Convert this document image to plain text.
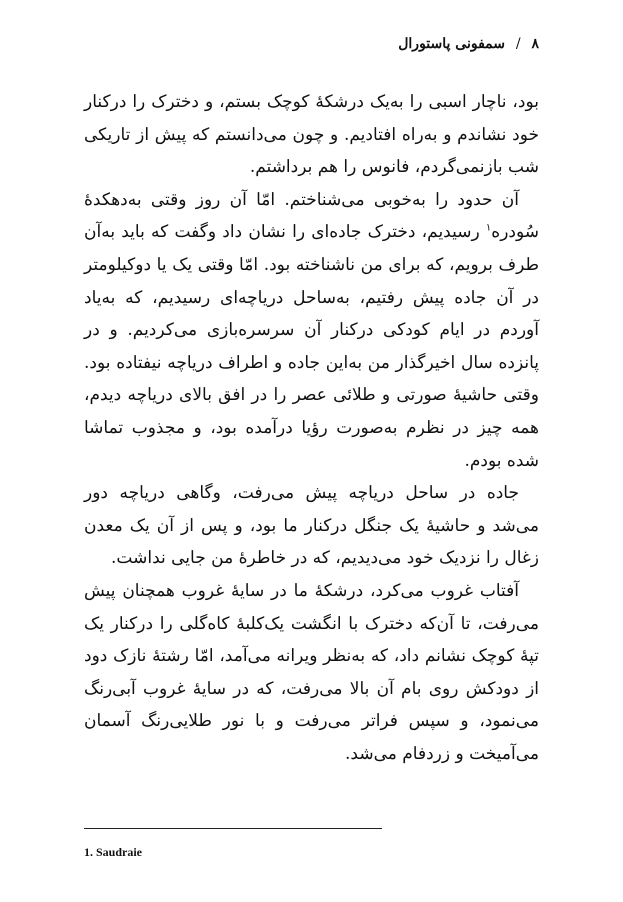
۸ / سمفونی پاستورال

بود، ناچار اسبی را به‌یک درشکهٔ کوچک بستم، و دخترک را درکنار خود نشاندم و به‌راه افتادیم. و چون می‌دانستم که پیش از تاریکی شب بازنمی‌گردم، فانوس را هم برداشتم.

آن حدود را به‌خوبی می‌شناختم. امّا آن روز وقتی به‌دهکدهٔ سُودره$^۱$ رسیدیم، دخترک جاده‌ای را نشان داد وگفت که باید به‌آن طرف برویم، که برای من ناشناخته بود. امّا وقتی یک یا دوکیلومتر در آن جاده پیش رفتیم، به‌ساحل دریاچه‌ای رسیدیم، که به‌یاد آوردم در ایام کودکی درکنار آن سرسره‌بازی می‌کردیم. و در پانزده سال اخیرگذار من به‌این جاده و اطراف دریاچه نیفتاده بود. وقتی حاشیهٔ صورتی و طلائی عصر را در افق بالای دریاچه دیدم، همه چیز در نظرم به‌صورت رؤیا درآمده بود، و مجذوب تماشا شده بودم.

جاده در ساحل دریاچه پیش می‌رفت، وگاهی دریاچه دور می‌شد و حاشیهٔ یک جنگل درکنار ما بود، و پس از آن یک معدن زغال را نزدیک خود می‌دیدیم، که در خاطرهٔ من جایی نداشت.

آفتاب غروب می‌کرد، درشکهٔ ما در سایهٔ غروب همچنان پیش می‌رفت، تا آن‌که دخترک با انگشت یک‌کلبهٔ کاه‌گلی را درکنار یک تپهٔ کوچک نشانم داد، که به‌نظر ویرانه می‌آمد، امّا رشتهٔ نازک دود از دودکش روی بام آن بالا می‌رفت، که در سایهٔ غروب آبی‌رنگ می‌نمود، و سپس فراتر می‌رفت و با نور طلایی‌رنگ آسمان می‌آمیخت و زردفام می‌شد.

1. Saudraie
